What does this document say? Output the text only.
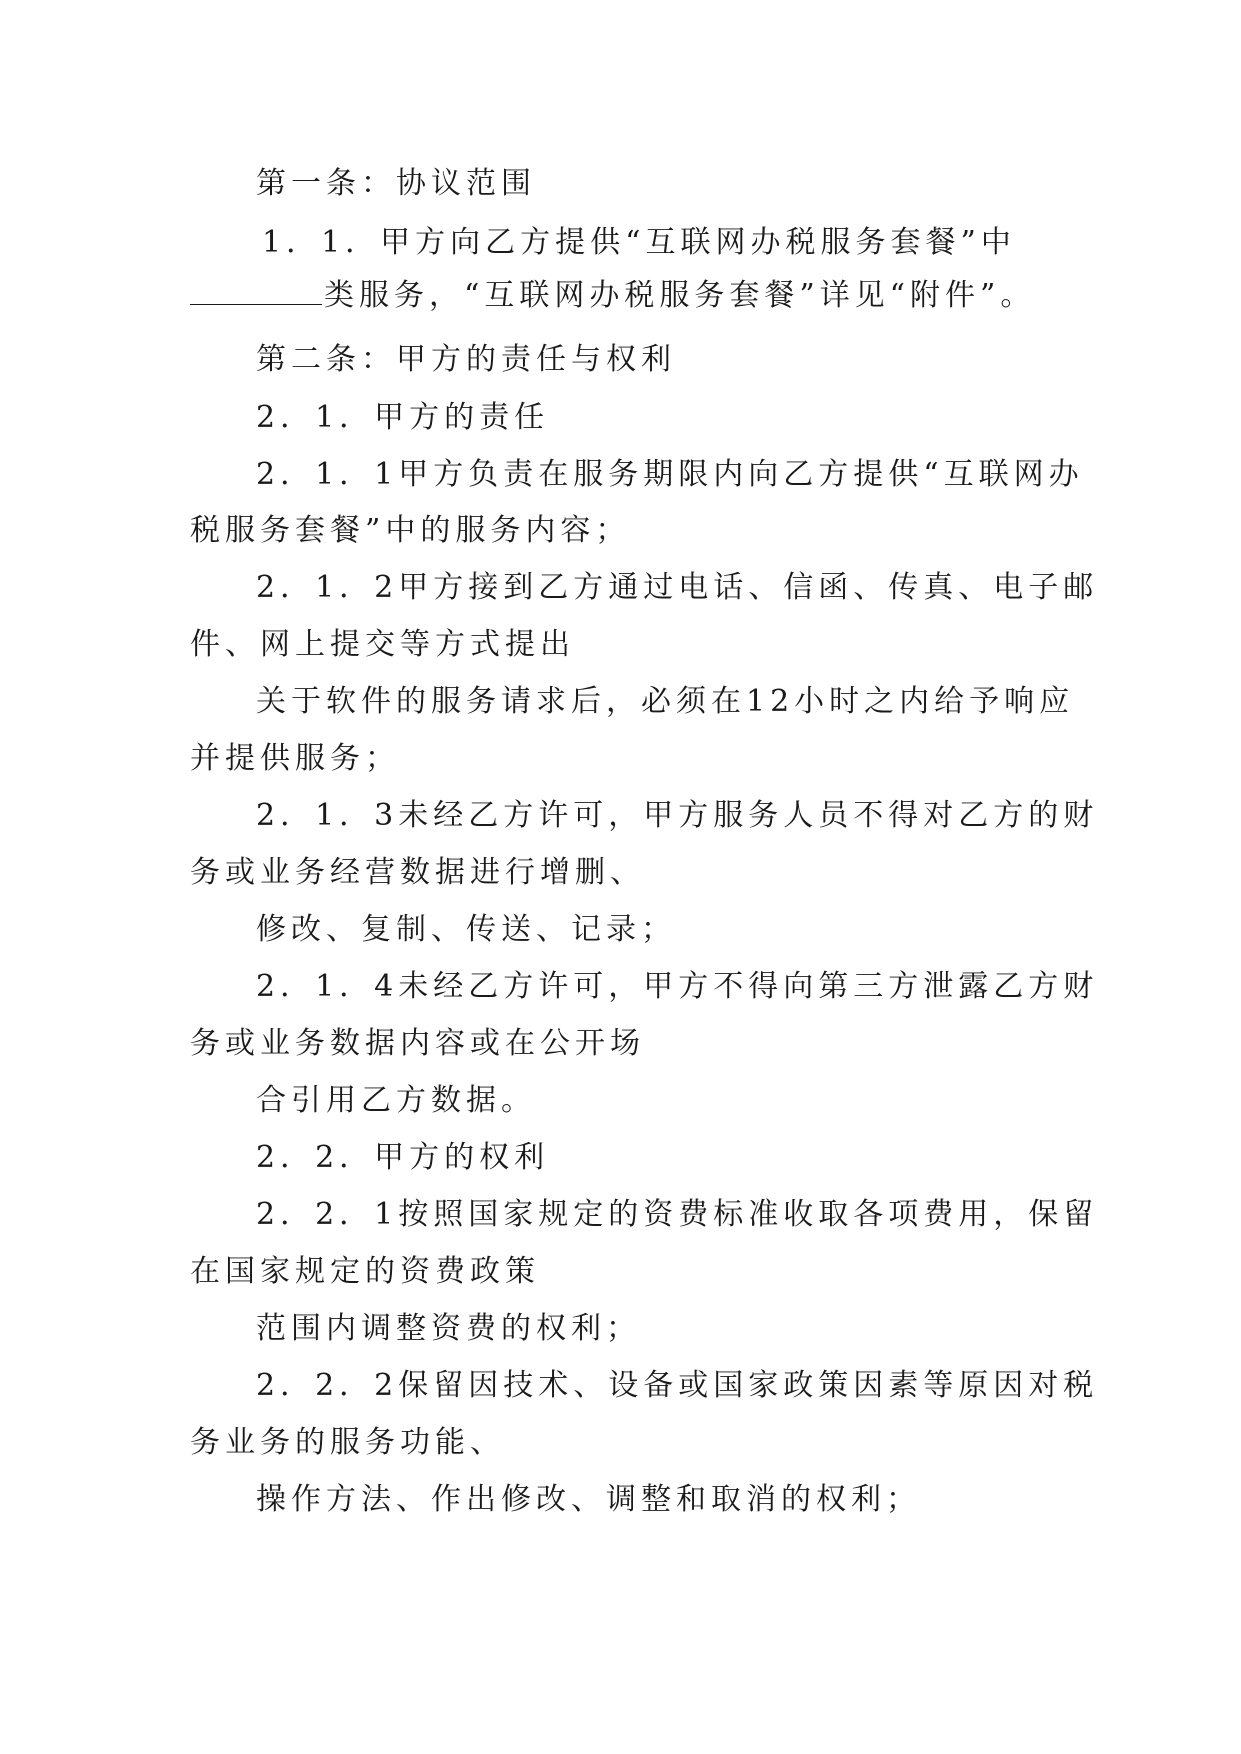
第一条：协议范围
1．1．甲方向乙方提供“互联网办税服务套餐”中
类服务，“互联网办税服务套餐”详见“附件”。
第二条：甲方的责任与权利
2．1．甲方的责任
2．1．1甲方负责在服务期限内向乙方提供“互联网办
税服务套餐”中的服务内容；
2．1．2甲方接到乙方通过电话、信函、传真、电子邮
件、网上提交等方式提出
关于软件的服务请求后，必须在12小时之内给予响应
并提供服务；
2．1．3未经乙方许可，甲方服务人员不得对乙方的财
务或业务经营数据进行增删、
修改、复制、传送、记录；
2．1．4未经乙方许可，甲方不得向第三方泄露乙方财
务或业务数据内容或在公开场
合引用乙方数据。
2．2．甲方的权利
2．2．1按照国家规定的资费标准收取各项费用，保留
在国家规定的资费政策
范围内调整资费的权利；
2．2．2保留因技术、设备或国家政策因素等原因对税
务业务的服务功能、
操作方法、作出修改、调整和取消的权利；
